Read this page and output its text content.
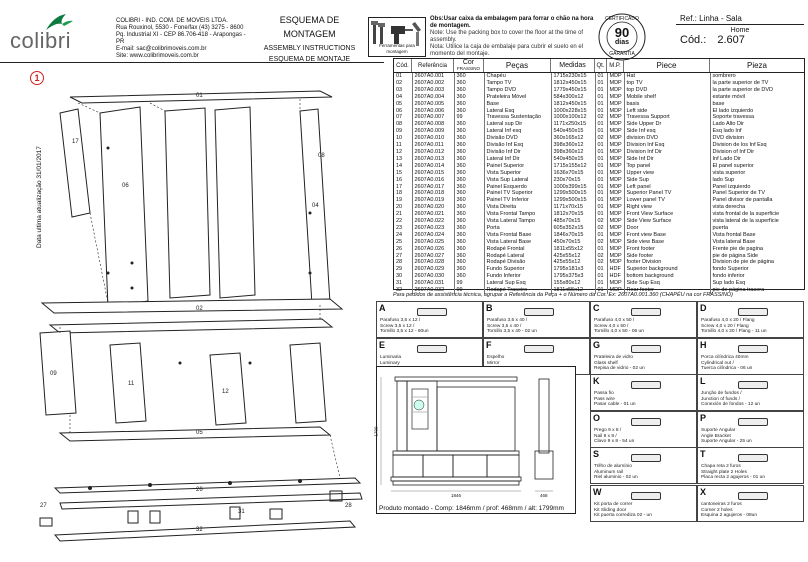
colibri
COLIBRI - IND. COM. DE MOVEIS LTDA.
Rua Rouxinol, 5530 - Fone/fax (43) 3275 - 8600
Pq. Industrial XI - CEP 86.706-418 - Arapongas - PR
E-mail: sac@colibrimoveis.com.br
Site: www.colibrimoveis.com.br
ESQUEMA DE MONTAGEM
ASSEMBLY INSTRUCTIONS
ESQUEMA DE MONTAJE
Ferramentas para montagem
Obs:Usar caixa da embalagem para forrar o chão na hora de montagem.
Note: Use the packing box to cover the floor at the time of assembly.
Nota: Utilice la caja de embalaje para cubrir el suelo en el momento del montaje.
CERTIFICADO
90
dias
GARANTIA
Ref.: Linha - Sala
Home
Cód.: 2.607
1
Data ultima atualização 31/01/2017
17
06
01
04
02
08
11
05
09
12
26
31
27
32
28
Cód.	Referência	Cor
FRASSINO	Peças	Medidas	Qt. M.P.	Piece	Pieza
01	2607A0.001	360	Chapéu	1715x230x15	01	MDP	Hat	sombrero
02	2607A0.002	360	Tampo TV	1812x450x15	01	MDP	top TV	la parte superior de TV
03	2607A0.003	360	Tampo DVD	1779x450x15	01	MDP	top DVD	la parte superior de DVD
04	2607A0.004	360	Prateleira Móvel	584x300x12	01	MDP	Mobile shelf	estante móvil
05	2607A0.005	360	Base	1812x450x15	01	MDP	basis	base
06	2607A0.006	360	Lateral Esq	1000x228x15	01	MDP	Left side	El lado izquierdo
07	2607A0.007	99	Travessa Sustentação	1000x100x12	02	MDP	Travessa Support	Soporte travessa
08	2607A0.008	360	Lateral sup Dir	1171x250x15	01	MDP	Side Upper Dr	Lado Alto Dir
09	2607A0.009	360	Lateral Inf esq	540x450x15	01	MDP	Side Inf esq	Esq lado Inf
10	2607A0.010	360	Divisão DVD	360x165x12	02	MDP	division DVD	DVD division
11	2607A0.011	360	Divisão Inf Esq	398x360x12	01	MDP	Division Inf Esq	Division de los Inf Esq
12	2607A0.012	360	Divisão Inf Dir	398x360x12	01	MDP	Division Inf Dir	Division of Inf Dir
13	2607A0.013	360	Lateral Inf Dir	540x450x15	01	MDP	Side Inf Dir	Inf Lado Dir
14	2607A0.014	360	Painel Superior	1715x155x12	01	MDP	Top panel	El panel superior
15	2607A0.015	360	Vista Superior	1636x70x15	01	MDP	Upper view	vista superior
16	2607A0.016	360	Vista Sup Lateral	230x70x15	01	MDP	Side Sup	lado Sup
17	2607A0.017	360	Painel Esquerdo	1000x399x15	01	MDP	Left panel	Panel izquierdo
18	2607A0.018	360	Painel TV Superior	1299x500x15	01	MDP	Superior Panel TV	Panel Superior de TV
19	2607A0.019	360	Painel TV Inferior	1299x500x15	01	MDP	Lower panel TV	Panel divisor de pantalla
20	2607A0.020	360	Vista Direita	1171x70x15	01	MDP	Right view	vista derecha
21	2607A0.021	360	Vista Frontal Tampo	1812x70x15	01	MDP	Front View Surface	vista frontal de la superficie
22	2607A0.022	360	Vista Lateral Tampo	485x70x15	02	MDP	Side View Surface	vista lateral de la superficie
23	2607A0.023	360	Porta	605x352x15	02	MDP	Door	puerta
24	2607A0.024	360	Vista Frontal Base	1846x70x15	01	MDP	Front view Base	Vista frontal Base
25	2607A0.025	360	Vista Lateral Base	450x70x15	02	MDP	Side view Base	Vista lateral Base
26	2607A0.026	360	Rodapé Frontal	1811x55x12	01	MDP	Front footer	Frente pie de pagina
27	2607A0.027	360	Rodapé Lateral	425x55x12	02	MDP	Side footer	pie de página Side
28	2607A0.028	360	Rodapé Divisão	425x55x12	02	MDP	footer Division	Division de pie de página
29	2607A0.029	360	Fundo Superior	1795x181x3	01	HDF	Superior background	fondo Superior
30	2607A0.030	360	Fundo Inferior	1795x375x3	01	HDF	bottom background	fondo inferior
31	2607A0.031	99	Lateral Sup Esq	155x80x12	01	MDP	Side Sup Esq	Sup lado Esq
32	2607A0.032	99	Rodapé Traseiro	1811x55x12	01	MDP	Rear footer	pie de página trasera
Para pedidos de assistência técnica, agrupar a Referência da Peça + o Número da Cor. Ex: 2607A0.001.360 (CHAPÉU na cor FRASSINO)
A
Parafuso 3,5 x 12 /
Screw 3,5 x 12 /
Tornillo 3,5 x 12 - 60un
B
Parafuso 3,5 x 40 /
Screw 3,5 x 40 /
Tornillo 3,5 x 40 - 02 un
C
Parafuso 4,0 x 50 /
Screw 4,0 x 50 /
Tornillo 4,0 x 50 - 06 un
D
Parafuso 4,0 x 20 / Flang
Screw 4,0 x 20 / Flang
Tornillo 4,0 x 20 / Flang - 11 un
E
Luminaria
Luminary
F
Espelho
Mirror
G
Prateleira de vidro
Glass shelf
Repisa de vidrio - 02 un
H
Porca cilíndrica 40mm
Cylindrical nut /
Tuerca cilíndrica - 06 un
K
Passa fio
Pass wire
Pasar cable - 01 un
L
Junção de fundos /
Junction of funds /
Conexión de fondos - 12 un
O
Prego 9 x 8 /
Nail 9 x 8 /
Clavo 9 x 8 - 54 un
P
Suporte Angular
Angle Bracket
Suporte Angular - 25 un
S
Trilho de alumínio
Aluminum rail
Riel aluminio - 02 un
T
Chapa reta 2 furos
Straight plate 2 Holes
Placa recta 2 agujeros - 01 un
W
Kit porta de correr
Kit Sliding door
Kit puerta corrediza 02 - un
X
cantoneiras 2 furos
Corner 2 holes
Esquina 2 agujeros - 08un
1799
1846	468
Produto montado - Comp: 1846mm / prof: 468mm / alt: 1799mm
